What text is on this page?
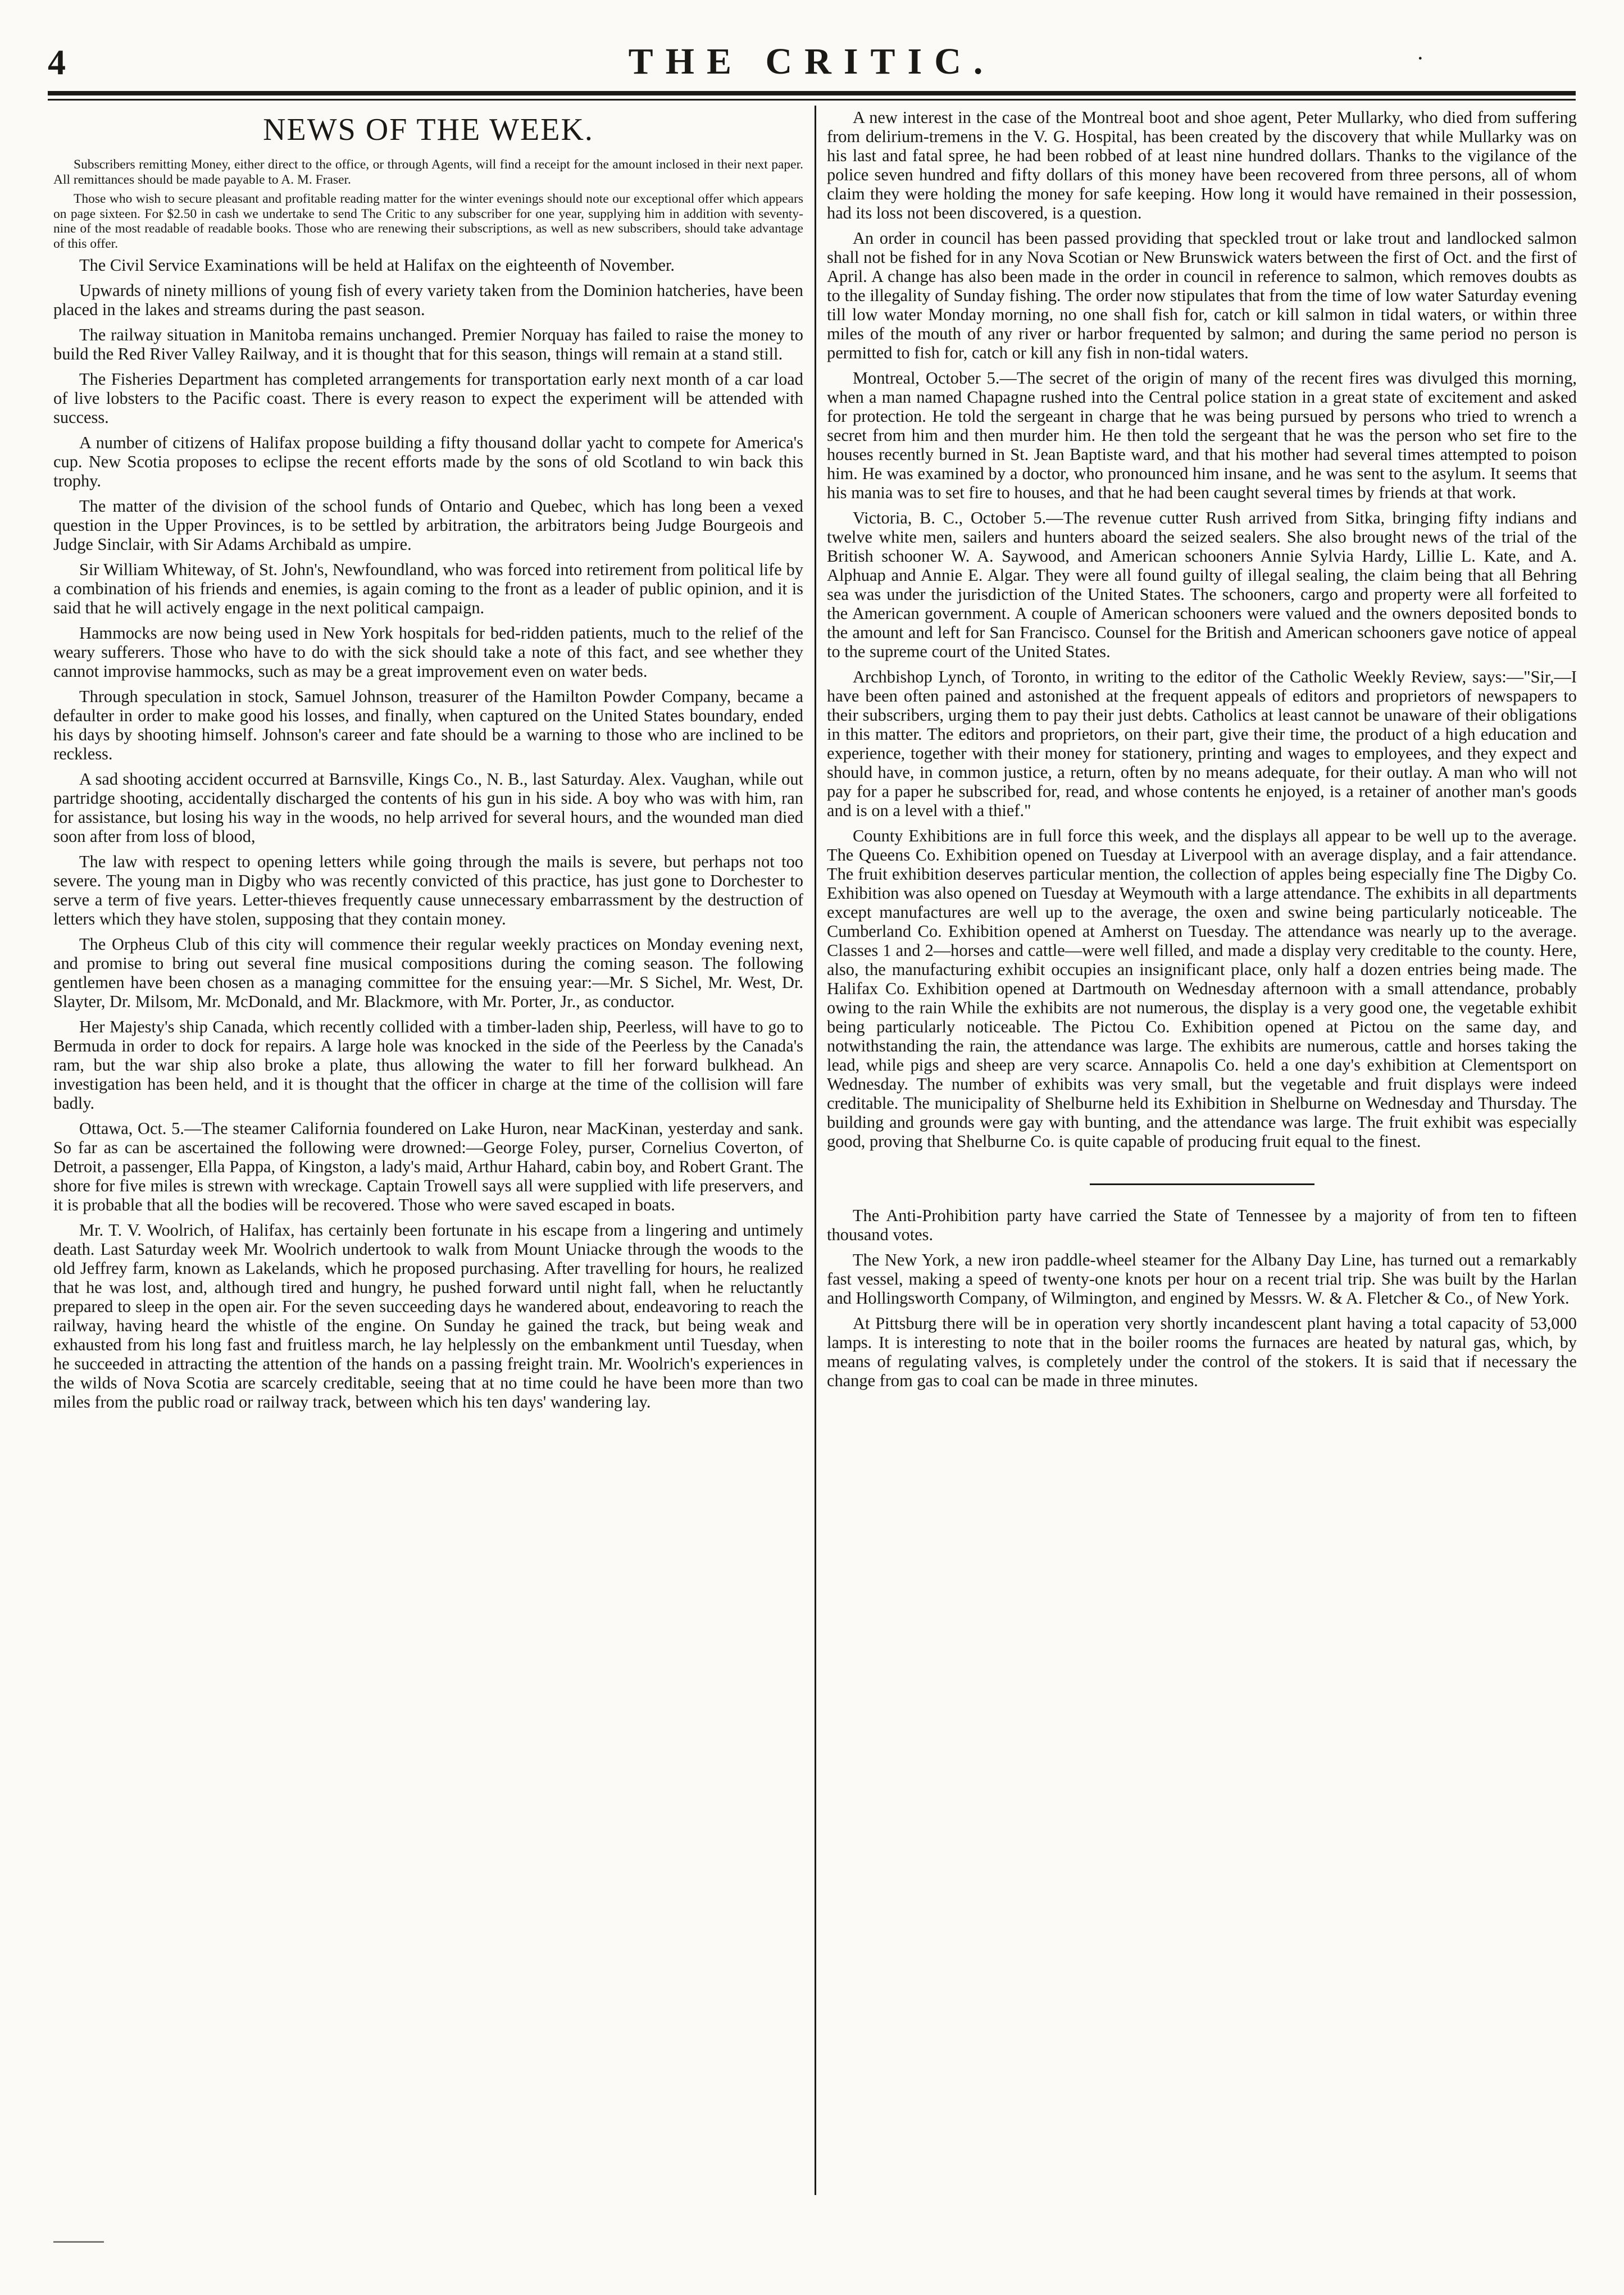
4	THE CRITIC.	·
NEWS OF THE WEEK.

Subscribers remitting Money, either direct to the office, or through Agents, will find a receipt for the amount inclosed in their next paper. All remittances should be made payable to A. M. Fraser.

Those who wish to secure pleasant and profitable reading matter for the winter evenings should note our exceptional offer which appears on page sixteen. For $2.50 in cash we undertake to send The Critic to any subscriber for one year, supplying him in addition with seventy-nine of the most readable of readable books. Those who are renewing their subscriptions, as well as new subscribers, should take advantage of this offer.

The Civil Service Examinations will be held at Halifax on the eighteenth of November.

Upwards of ninety millions of young fish of every variety taken from the Dominion hatcheries, have been placed in the lakes and streams during the past season.

The railway situation in Manitoba remains unchanged. Premier Norquay has failed to raise the money to build the Red River Valley Railway, and it is thought that for this season, things will remain at a stand still.

The Fisheries Department has completed arrangements for transportation early next month of a car load of live lobsters to the Pacific coast. There is every reason to expect the experiment will be attended with success.

A number of citizens of Halifax propose building a fifty thousand dollar yacht to compete for America's cup. New Scotia proposes to eclipse the recent efforts made by the sons of old Scotland to win back this trophy.

The matter of the division of the school funds of Ontario and Quebec, which has long been a vexed question in the Upper Provinces, is to be settled by arbitration, the arbitrators being Judge Bourgeois and Judge Sinclair, with Sir Adams Archibald as umpire.

Sir William Whiteway, of St. John's, Newfoundland, who was forced into retirement from political life by a combination of his friends and enemies, is again coming to the front as a leader of public opinion, and it is said that he will actively engage in the next political campaign.

Hammocks are now being used in New York hospitals for bed-ridden patients, much to the relief of the weary sufferers. Those who have to do with the sick should take a note of this fact, and see whether they cannot improvise hammocks, such as may be a great improvement even on water beds.

Through speculation in stock, Samuel Johnson, treasurer of the Hamilton Powder Company, became a defaulter in order to make good his losses, and finally, when captured on the United States boundary, ended his days by shooting himself. Johnson's career and fate should be a warning to those who are inclined to be reckless.

A sad shooting accident occurred at Barnsville, Kings Co., N. B., last Saturday. Alex. Vaughan, while out partridge shooting, accidentally discharged the contents of his gun in his side. A boy who was with him, ran for assistance, but losing his way in the woods, no help arrived for several hours, and the wounded man died soon after from loss of blood,

The law with respect to opening letters while going through the mails is severe, but perhaps not too severe. The young man in Digby who was recently convicted of this practice, has just gone to Dorchester to serve a term of five years. Letter-thieves frequently cause unnecessary embarrassment by the destruction of letters which they have stolen, supposing that they contain money.

The Orpheus Club of this city will commence their regular weekly practices on Monday evening next, and promise to bring out several fine musical compositions during the coming season. The following gentlemen have been chosen as a managing committee for the ensuing year:—Mr. S Sichel, Mr. West, Dr. Slayter, Dr. Milsom, Mr. McDonald, and Mr. Blackmore, with Mr. Porter, Jr., as conductor.

Her Majesty's ship Canada, which recently collided with a timber-laden ship, Peerless, will have to go to Bermuda in order to dock for repairs. A large hole was knocked in the side of the Peerless by the Canada's ram, but the war ship also broke a plate, thus allowing the water to fill her forward bulkhead. An investigation has been held, and it is thought that the officer in charge at the time of the collision will fare badly.

Ottawa, Oct. 5.—The steamer California foundered on Lake Huron, near MacKinan, yesterday and sank. So far as can be ascertained the following were drowned:—George Foley, purser, Cornelius Coverton, of Detroit, a passenger, Ella Pappa, of Kingston, a lady's maid, Arthur Hahard, cabin boy, and Robert Grant. The shore for five miles is strewn with wreckage. Captain Trowell says all were supplied with life preservers, and it is probable that all the bodies will be recovered. Those who were saved escaped in boats.

Mr. T. V. Woolrich, of Halifax, has certainly been fortunate in his escape from a lingering and untimely death. Last Saturday week Mr. Woolrich undertook to walk from Mount Uniacke through the woods to the old Jeffrey farm, known as Lakelands, which he proposed purchasing. After travelling for hours, he realized that he was lost, and, although tired and hungry, he pushed forward until night fall, when he reluctantly prepared to sleep in the open air. For the seven succeeding days he wandered about, endeavoring to reach the railway, having heard the whistle of the engine. On Sunday he gained the track, but being weak and exhausted from his long fast and fruitless march, he lay helplessly on the embankment until Tuesday, when he succeeded in attracting the attention of the hands on a passing freight train. Mr. Woolrich's experiences in the wilds of Nova Scotia are scarcely creditable, seeing that at no time could he have been more than two miles from the public road or railway track, between which his ten days' wandering lay.

A new interest in the case of the Montreal boot and shoe agent, Peter Mullarky, who died from suffering from delirium-tremens in the V. G. Hospital, has been created by the discovery that while Mullarky was on his last and fatal spree, he had been robbed of at least nine hundred dollars. Thanks to the vigilance of the police seven hundred and fifty dollars of this money have been recovered from three persons, all of whom claim they were holding the money for safe keeping. How long it would have remained in their possession, had its loss not been discovered, is a question.

An order in council has been passed providing that speckled trout or lake trout and landlocked salmon shall not be fished for in any Nova Scotian or New Brunswick waters between the first of Oct. and the first of April. A change has also been made in the order in council in reference to salmon, which removes doubts as to the illegality of Sunday fishing. The order now stipulates that from the time of low water Saturday evening till low water Monday morning, no one shall fish for, catch or kill salmon in tidal waters, or within three miles of the mouth of any river or harbor frequented by salmon; and during the same period no person is permitted to fish for, catch or kill any fish in non-tidal waters.

Montreal, October 5.—The secret of the origin of many of the recent fires was divulged this morning, when a man named Chapagne rushed into the Central police station in a great state of excitement and asked for protection. He told the sergeant in charge that he was being pursued by persons who tried to wrench a secret from him and then murder him. He then told the sergeant that he was the person who set fire to the houses recently burned in St. Jean Baptiste ward, and that his mother had several times attempted to poison him. He was examined by a doctor, who pronounced him insane, and he was sent to the asylum. It seems that his mania was to set fire to houses, and that he had been caught several times by friends at that work.

Victoria, B. C., October 5.—The revenue cutter Rush arrived from Sitka, bringing fifty indians and twelve white men, sailers and hunters aboard the seized sealers. She also brought news of the trial of the British schooner W. A. Saywood, and American schooners Annie Sylvia Hardy, Lillie L. Kate, and A. Alphuap and Annie E. Algar. They were all found guilty of illegal sealing, the claim being that all Behring sea was under the jurisdiction of the United States. The schooners, cargo and property were all forfeited to the American government. A couple of American schooners were valued and the owners deposited bonds to the amount and left for San Francisco. Counsel for the British and American schooners gave notice of appeal to the supreme court of the United States.

Archbishop Lynch, of Toronto, in writing to the editor of the Catholic Weekly Review, says:—"Sir,—I have been often pained and astonished at the frequent appeals of editors and proprietors of newspapers to their subscribers, urging them to pay their just debts. Catholics at least cannot be unaware of their obligations in this matter. The editors and proprietors, on their part, give their time, the product of a high education and experience, together with their money for stationery, printing and wages to employees, and they expect and should have, in common justice, a return, often by no means adequate, for their outlay. A man who will not pay for a paper he subscribed for, read, and whose contents he enjoyed, is a retainer of another man's goods and is on a level with a thief."

County Exhibitions are in full force this week, and the displays all appear to be well up to the average. The Queens Co. Exhibition opened on Tuesday at Liverpool with an average display, and a fair attendance. The fruit exhibition deserves particular mention, the collection of apples being especially fine The Digby Co. Exhibition was also opened on Tuesday at Weymouth with a large attendance. The exhibits in all departments except manufactures are well up to the average, the oxen and swine being particularly noticeable. The Cumberland Co. Exhibition opened at Amherst on Tuesday. The attendance was nearly up to the average. Classes 1 and 2—horses and cattle—were well filled, and made a display very creditable to the county. Here, also, the manufacturing exhibit occupies an insignificant place, only half a dozen entries being made. The Halifax Co. Exhibition opened at Dartmouth on Wednesday afternoon with a small attendance, probably owing to the rain While the exhibits are not numerous, the display is a very good one, the vegetable exhibit being particularly noticeable. The Pictou Co. Exhibition opened at Pictou on the same day, and notwithstanding the rain, the attendance was large. The exhibits are numerous, cattle and horses taking the lead, while pigs and sheep are very scarce. Annapolis Co. held a one day's exhibition at Clementsport on Wednesday. The number of exhibits was very small, but the vegetable and fruit displays were indeed creditable. The municipality of Shelburne held its Exhibition in Shelburne on Wednesday and Thursday. The building and grounds were gay with bunting, and the attendance was large. The fruit exhibit was especially good, proving that Shelburne Co. is quite capable of producing fruit equal to the finest.

The Anti-Prohibition party have carried the State of Tennessee by a majority of from ten to fifteen thousand votes.

The New York, a new iron paddle-wheel steamer for the Albany Day Line, has turned out a remarkably fast vessel, making a speed of twenty-one knots per hour on a recent trial trip. She was built by the Harlan and Hollingsworth Company, of Wilmington, and engined by Messrs. W. & A. Fletcher & Co., of New York.

At Pittsburg there will be in operation very shortly incandescent plant having a total capacity of 53,000 lamps. It is interesting to note that in the boiler rooms the furnaces are heated by natural gas, which, by means of regulating valves, is completely under the control of the stokers. It is said that if necessary the change from gas to coal can be made in three minutes.
